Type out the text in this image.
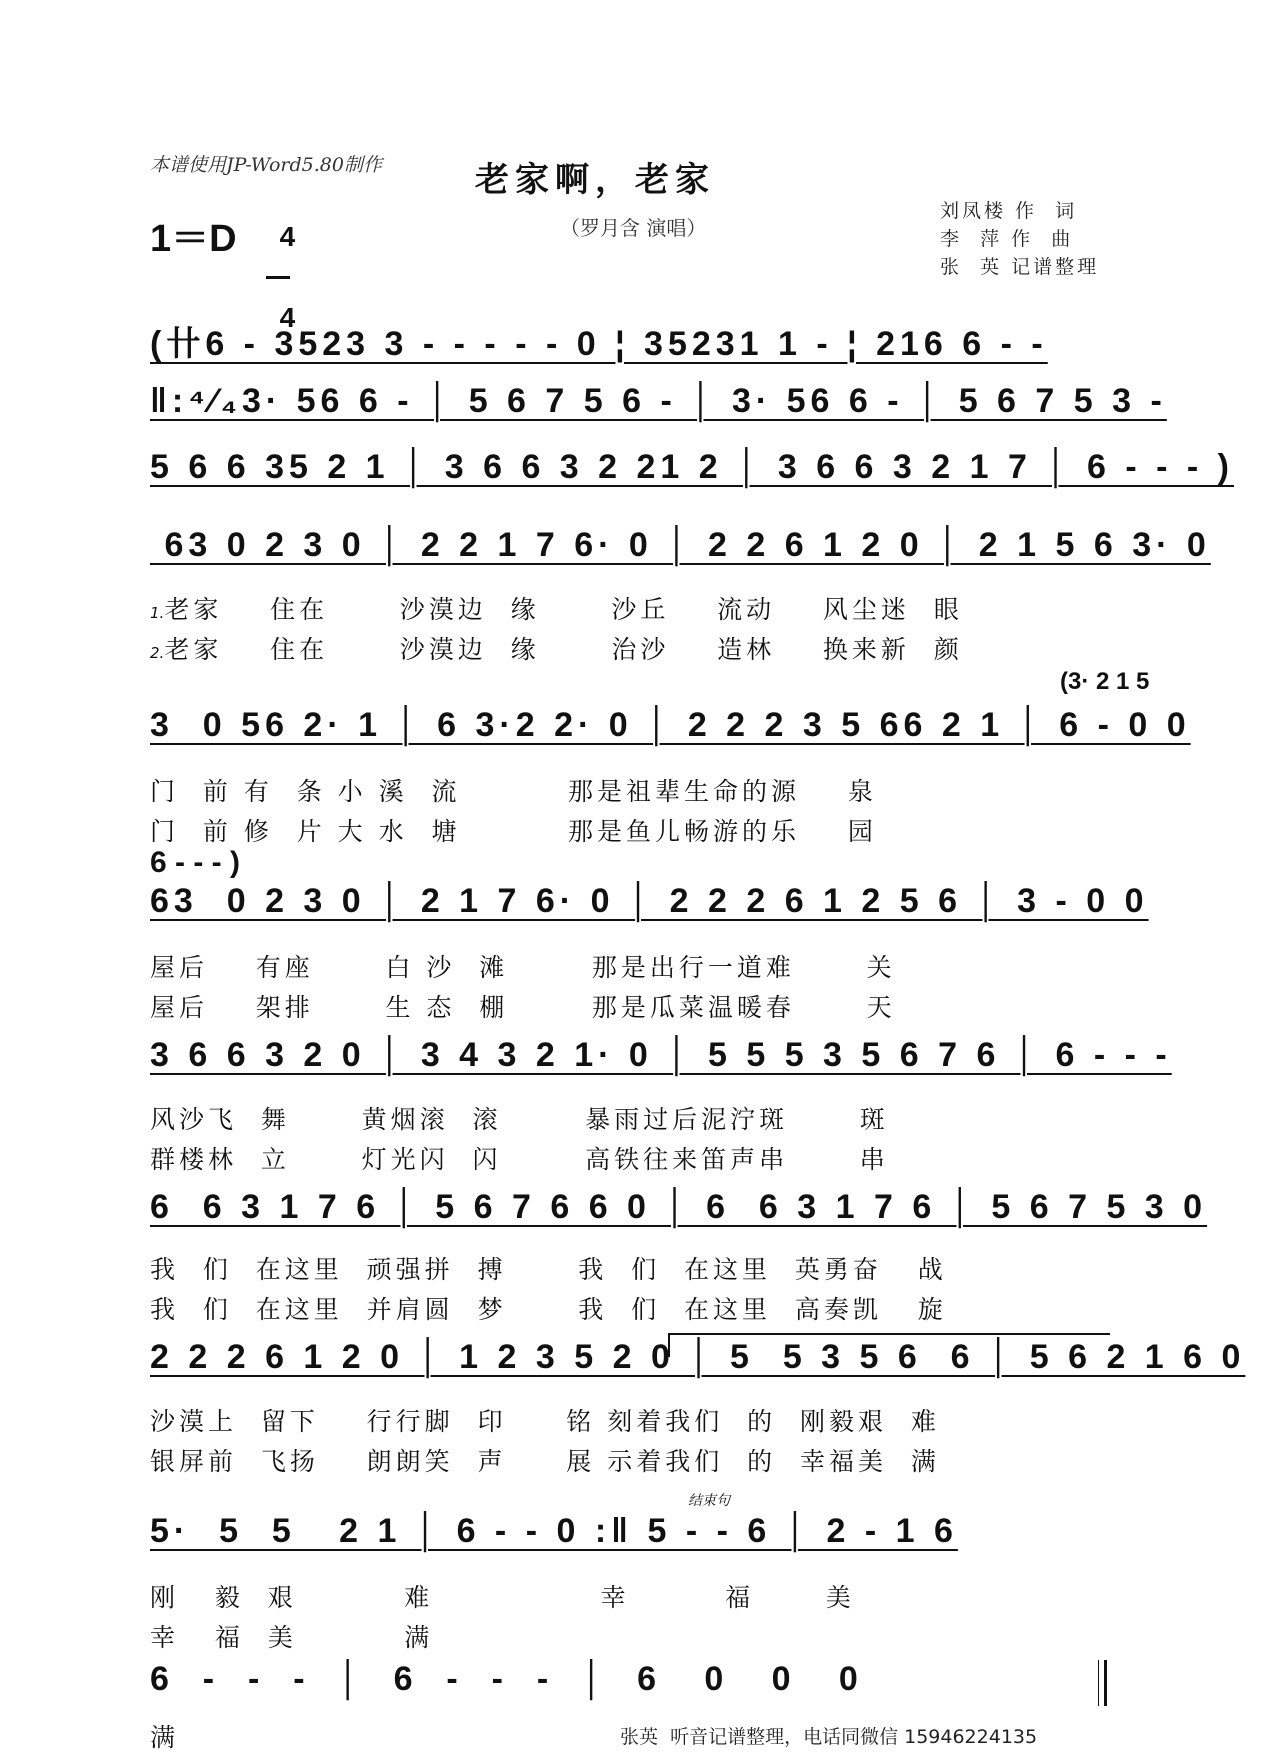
本谱使用JP-Word5.80制作	老家啊，老家
（罗月含 演唱）
刘凤楼 作  词
李  萍 作  曲
张  英 记谱整理
1＝D	4

4

(卄6 - 3523 3 - - - - - 0 ¦ 35231 1 - ¦ 216 6 - -
‖:⁴⁄₄3· 56 6 - │ 5 6 7 5 6 - │ 3· 56 6 - │ 5 6 7 5 3 -
5 6 6 35 2 1 │ 3 6 6 3 2 21 2 │ 3 6 6 3 2 1 7 │ 6 - - - )
63 0 2 3 0 │ 2 2 1 7 6· 0 │ 2 2 6 1 2 0 │ 2 1 5 6 3· 0
1.老家    住在      沙漠边  缘      沙丘    流动    风尘迷  眼
2.老家    住在      沙漠边  缘      治沙    造林    换来新  颜
(3· 2 1 5
3  0 56 2· 1 │ 6 3·2 2· 0 │ 2 2 2 3 5 66 2 1 │ 6 - 0 0
门  前 有  条 小 溪  流         那是祖辈生命的源    泉
门  前 修  片 大 水  塘         那是鱼儿畅游的乐    园
6 - - - )
63  0 2 3 0 │ 2 1 7 6· 0 │ 2 2 2 6 1 2 5 6 │ 3 - 0 0
屋后    有座      白 沙  滩       那是出行一道难      关
屋后    架排      生 态  棚       那是瓜菜温暖春      天
3 6 6 3 2 0 │ 3 4 3 2 1· 0 │ 5 5 5 3 5 6 7 6 │ 6 - - -
风沙飞  舞      黄烟滚  滚       暴雨过后泥泞斑      斑
群楼林  立      灯光闪  闪       高铁往来笛声串      串
6  6 3 1 7 6 │ 5 6 7 6 6 0 │ 6  6 3 1 7 6 │ 5 6 7 5 3 0
我  们  在这里  顽强拼  搏      我  们  在这里  英勇奋   战
我  们  在这里  并肩圆  梦      我  们  在这里  高奏凯   旋
2 2 2 6 1 2 0 │ 1 2 3 5 2 0 │ 5  5 3 5 6  6 │ 5 6 2 1 6 0
沙漠上  留下    行行脚  印     铭 刻着我们  的  刚毅艰  难
银屏前  飞扬    朗朗笑  声     展 示着我们  的  幸福美  满
结束句
5·  5  5   2 1 │ 6 - - 0 :‖ 5 - - 6 │ 2 - 1 6
刚   毅  艰         难              幸        福      美
幸   福  美         满
6  -  -  -  │  6  -  -  -  │  6   0   0   0
满	张英  听音记谱整理，电话同微信 15946224135
